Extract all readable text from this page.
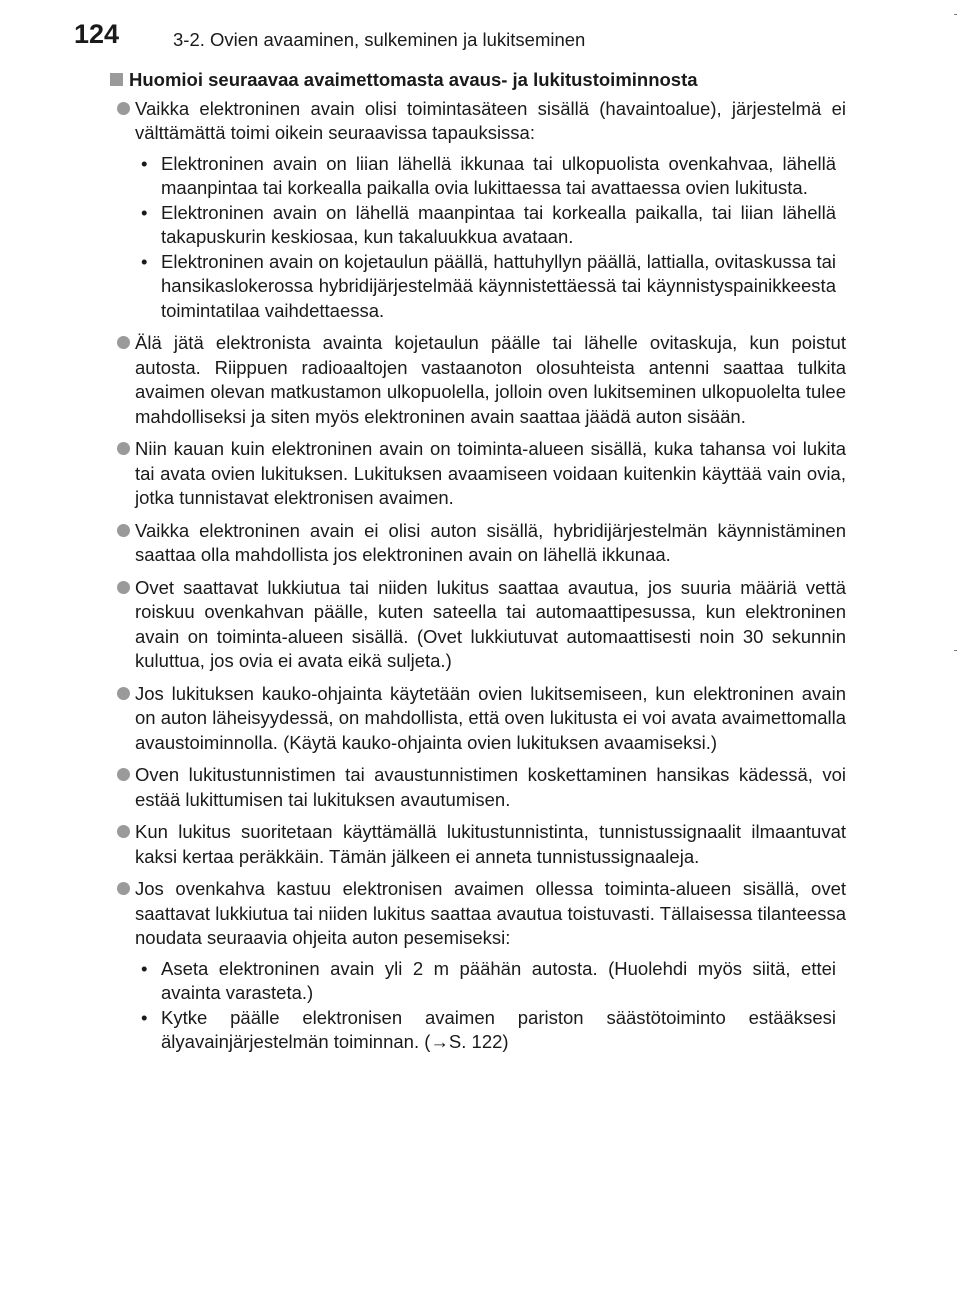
124	3-2. Ovien avaaminen, sulkeminen ja lukitseminen
Huomioi seuraavaa avaimettomasta avaus- ja lukitustoiminnosta
Vaikka elektroninen avain olisi toimintasäteen sisällä (havaintoalue), järjestelmä ei välttämättä toimi oikein seuraavissa tapauksissa:
• Elektroninen avain on liian lähellä ikkunaa tai ulkopuolista ovenkahvaa, lähellä maanpintaa tai korkealla paikalla ovia lukittaessa tai avattaessa ovien lukitusta.
• Elektroninen avain on lähellä maanpintaa tai korkealla paikalla, tai liian lähellä takapuskurin keskiosaa, kun takaluukkua avataan.
• Elektroninen avain on kojetaulun päällä, hattuhyllyn päällä, lattialla, ovitaskussa tai hansikaslokerossa hybridijärjestelmää käynnistettäessä tai käynnistyspainikkeesta toimintatilaa vaihdettaessa.
Älä jätä elektronista avainta kojetaulun päälle tai lähelle ovitaskuja, kun poistut autosta. Riippuen radioaaltojen vastaanoton olosuhteista antenni saattaa tulkita avaimen olevan matkustamon ulkopuolella, jolloin oven lukitseminen ulkopuolelta tulee mahdolliseksi ja siten myös elektroninen avain saattaa jäädä auton sisään.
Niin kauan kuin elektroninen avain on toiminta-alueen sisällä, kuka tahansa voi lukita tai avata ovien lukituksen. Lukituksen avaamiseen voidaan kuitenkin käyttää vain ovia, jotka tunnistavat elektronisen avaimen.
Vaikka elektroninen avain ei olisi auton sisällä, hybridijärjestelmän käynnistäminen saattaa olla mahdollista jos elektroninen avain on lähellä ikkunaa.
Ovet saattavat lukkiutua tai niiden lukitus saattaa avautua, jos suuria määriä vettä roiskuu ovenkahvan päälle, kuten sateella tai automaattipesussa, kun elektroninen avain on toiminta-alueen sisällä. (Ovet lukkiutuvat automaattisesti noin 30 sekunnin kuluttua, jos ovia ei avata eikä suljeta.)
Jos lukituksen kauko-ohjainta käytetään ovien lukitsemiseen, kun elektroninen avain on auton läheisyydessä, on mahdollista, että oven lukitusta ei voi avata avaimettomalla avaustoiminnolla. (Käytä kauko-ohjainta ovien lukituksen avaamiseksi.)
Oven lukitustunnistimen tai avaustunnistimen koskettaminen hansikas kädessä, voi estää lukittumisen tai lukituksen avautumisen.
Kun lukitus suoritetaan käyttämällä lukitustunnistinta, tunnistussignaalit ilmaantuvat kaksi kertaa peräkkäin. Tämän jälkeen ei anneta tunnistussignaaleja.
Jos ovenkahva kastuu elektronisen avaimen ollessa toiminta-alueen sisällä, ovet saattavat lukkiutua tai niiden lukitus saattaa avautua toistuvasti. Tällaisessa tilanteessa noudata seuraavia ohjeita auton pesemiseksi:
• Aseta elektroninen avain yli 2 m päähän autosta. (Huolehdi myös siitä, ettei avainta varasteta.)
• Kytke päälle elektronisen avaimen pariston säästötoiminto estääksesi älyavainjärjestelmän toiminnan. (→S. 122)
